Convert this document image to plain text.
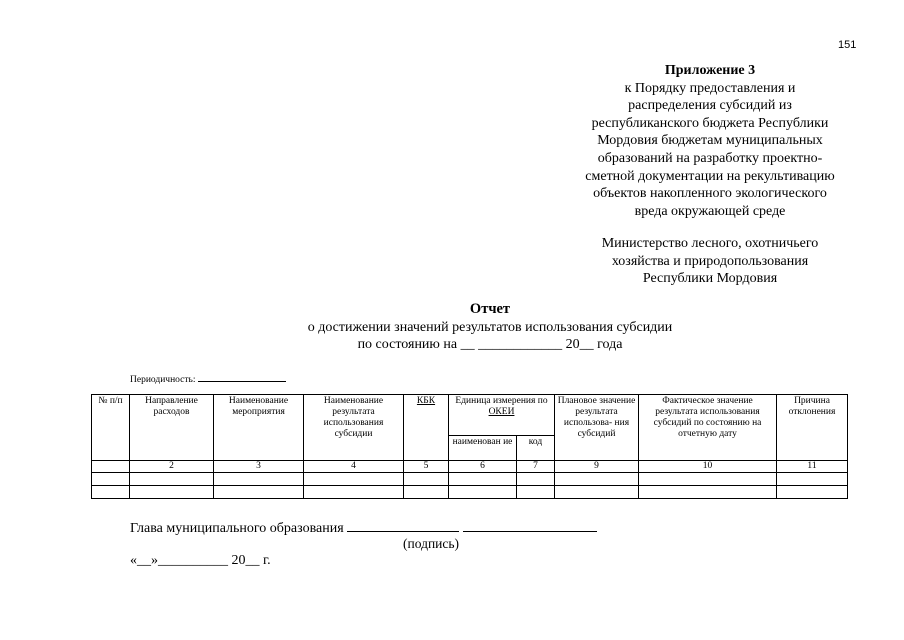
151
Приложение 3
к Порядку предоставления и
распределения субсидий из
республиканского бюджета Республики
Мордовия бюджетам муниципальных
образований на разработку проектно-
сметной документации на рекультивацию
объектов накопленного экологического
вреда окружающей среде
Министерство лесного, охотничьего
хозяйства и природопользования
Республики Мордовия
Отчет
о достижении значений результатов использования субсидии
по состоянию на __ ____________ 20__ года
Периодичность:
№ п/п	Направление расходов	Наименование мероприятия	Наименование результата использования субсидии	КБК	Единица измерения по ОКЕИ		Плановое значение результата использова- ния субсидий	Фактическое значение результата использования субсидий по состоянию на отчетную дату	Причина отклонения
					наименован ие	код			
	2	3	4	5	6	7	9	10	11

Глава муниципального образования
(подпись)
«__»__________ 20__ г.
